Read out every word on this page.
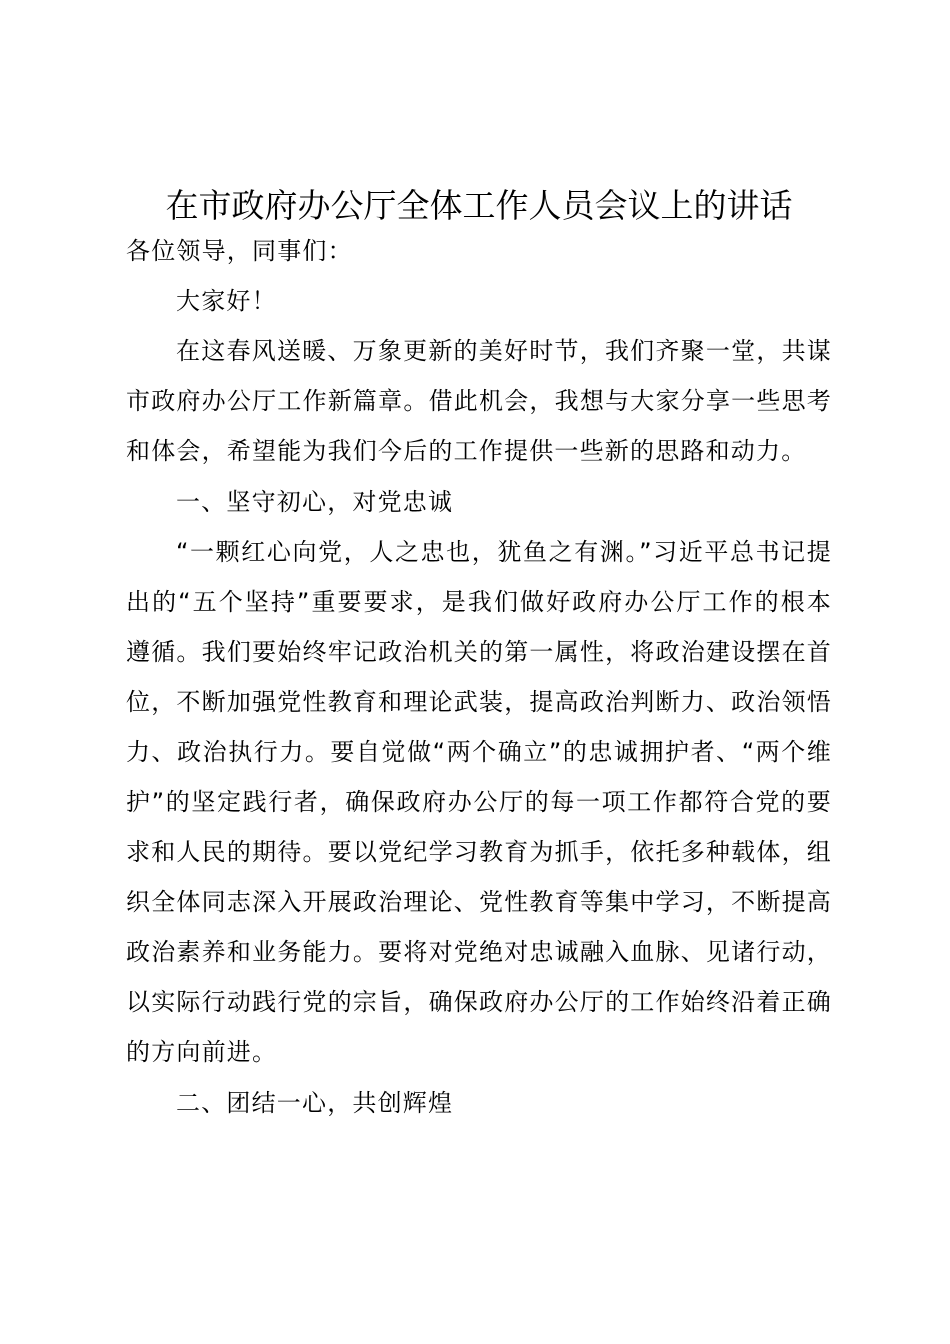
在市政府办公厅全体工作人员会议上的讲话

各位领导，同事们：

大家好！

在这春风送暖、万象更新的美好时节，我们齐聚一堂，共谋市政府办公厅工作新篇章。借此机会，我想与大家分享一些思考和体会，希望能为我们今后的工作提供一些新的思路和动力。

一、坚守初心，对党忠诚

“一颗红心向党，人之忠也，犹鱼之有渊。”习近平总书记提出的“五个坚持”重要要求，是我们做好政府办公厅工作的根本遵循。我们要始终牢记政治机关的第一属性，将政治建设摆在首位，不断加强党性教育和理论武装，提高政治判断力、政治领悟力、政治执行力。要自觉做“两个确立”的忠诚拥护者、“两个维护”的坚定践行者，确保政府办公厅的每一项工作都符合党的要求和人民的期待。要以党纪学习教育为抓手，依托多种载体，组织全体同志深入开展政治理论、党性教育等集中学习，不断提高政治素养和业务能力。要将对党绝对忠诚融入血脉、见诸行动，以实际行动践行党的宗旨，确保政府办公厅的工作始终沿着正确的方向前进。

二、团结一心，共创辉煌
